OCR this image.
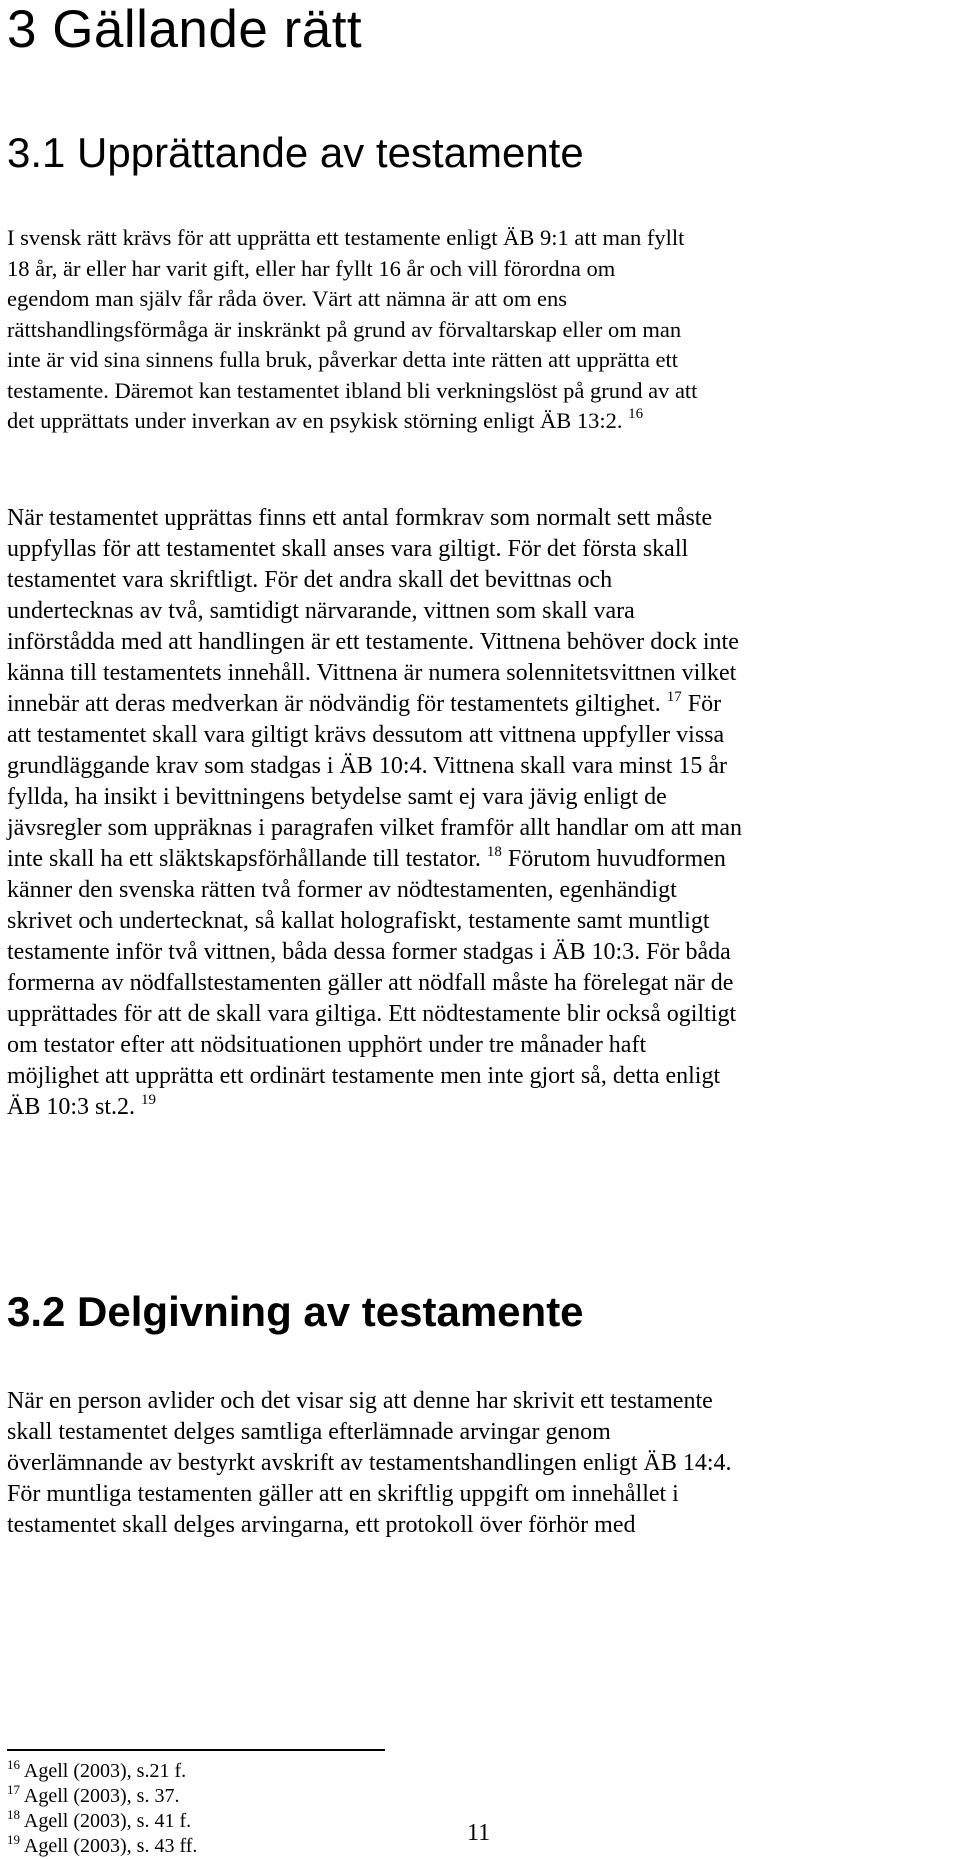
3 Gällande rätt
3.1 Upprättande av testamente
I svensk rätt krävs för att upprätta ett testamente enligt ÄB 9:1 att man fyllt
18 år, är eller har varit gift, eller har fyllt 16 år och vill förordna om
egendom man själv får råda över. Värt att nämna är att om ens
rättshandlingsförmåga är inskränkt på grund av förvaltarskap eller om man
inte är vid sina sinnens fulla bruk, påverkar detta inte rätten att upprätta ett
testamente. Däremot kan testamentet ibland bli verkningslöst på grund av att
det upprättats under inverkan av en psykisk störning enligt ÄB 13:2. $^{16}$
När testamentet upprättas finns ett antal formkrav som normalt sett måste
uppfyllas för att testamentet skall anses vara giltigt. För det första skall
testamentet vara skriftligt. För det andra skall det bevittnas och
undertecknas av två, samtidigt närvarande, vittnen som skall vara
införstådda med att handlingen är ett testamente. Vittnena behöver dock inte
känna till testamentets innehåll. Vittnena är numera solennitetsvittnen vilket
innebär att deras medverkan är nödvändig för testamentets giltighet. $^{17}$ För
att testamentet skall vara giltigt krävs dessutom att vittnena uppfyller vissa
grundläggande krav som stadgas i ÄB 10:4. Vittnena skall vara minst 15 år
fyllda, ha insikt i bevittningens betydelse samt ej vara jävig enligt de
jävsregler som uppräknas i paragrafen vilket framför allt handlar om att man
inte skall ha ett släktskapsförhållande till testator. $^{18}$ Förutom huvudformen
känner den svenska rätten två former av nödtestamenten, egenhändigt
skrivet och undertecknat, så kallat holografiskt, testamente samt muntligt
testamente inför två vittnen, båda dessa former stadgas i ÄB 10:3. För båda
formerna av nödfallstestamenten gäller att nödfall måste ha förelegat när de
upprättades för att de skall vara giltiga. Ett nödtestamente blir också ogiltigt
om testator efter att nödsituationen upphört under tre månader haft
möjlighet att upprätta ett ordinärt testamente men inte gjort så, detta enligt
ÄB 10:3 st.2. $^{19}$
3.2 Delgivning av testamente
När en person avlider och det visar sig att denne har skrivit ett testamente
skall testamentet delges samtliga efterlämnade arvingar genom
överlämnande av bestyrkt avskrift av testamentshandlingen enligt ÄB 14:4.
För muntliga testamenten gäller att en skriftlig uppgift om innehållet i
testamentet skall delges arvingarna, ett protokoll över förhör med
$^{16}$ Agell (2003), s.21 f.
$^{17}$ Agell (2003), s. 37.
$^{18}$ Agell (2003), s. 41 f.
$^{19}$ Agell (2003), s. 43 ff.	11
